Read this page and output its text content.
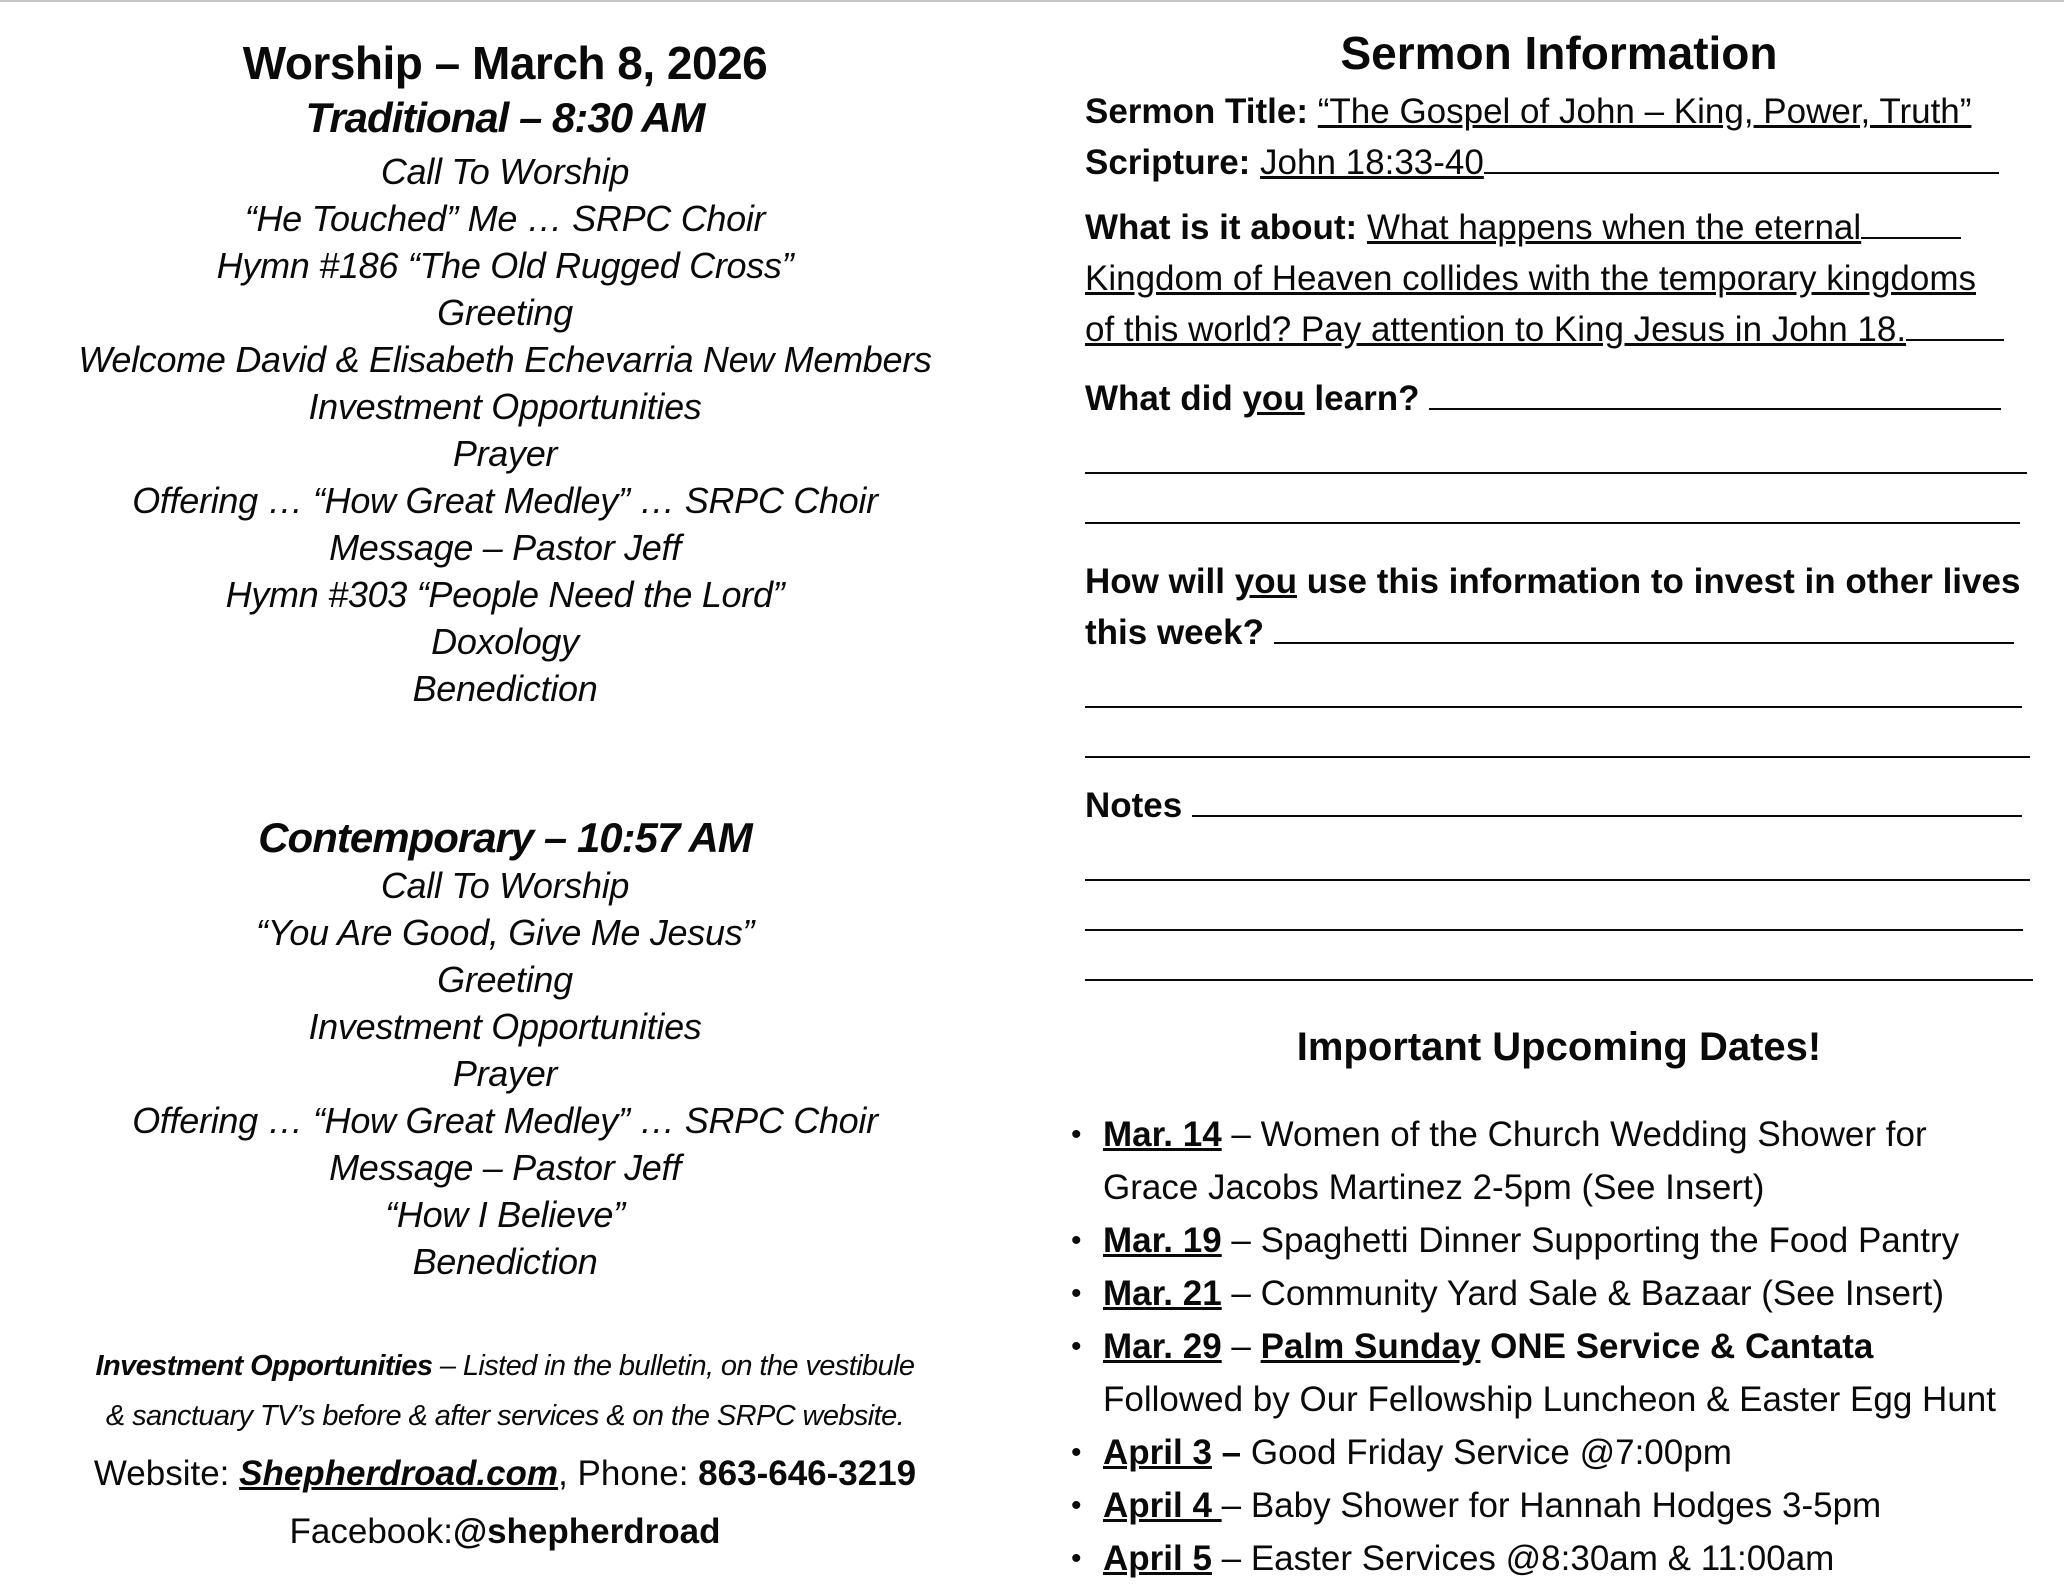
Worship – March 8, 2026
Traditional – 8:30 AM
Call To Worship
“He Touched” Me … SRPC Choir
Hymn #186 “The Old Rugged Cross”
Greeting
Welcome David & Elisabeth Echevarria New Members
Investment Opportunities
Prayer
Offering … “How Great Medley” … SRPC Choir
Message – Pastor Jeff
Hymn #303 “People Need the Lord”
Doxology
Benediction
Contemporary – 10:57 AM
Call To Worship
“You Are Good, Give Me Jesus”
Greeting
Investment Opportunities
Prayer
Offering … “How Great Medley” … SRPC Choir
Message – Pastor Jeff
“How I Believe”
Benediction
Investment Opportunities – Listed in the bulletin, on the vestibule
& sanctuary TV’s before & after services & on the SRPC website.
Website: Shepherdroad.com, Phone: 863-646-3219
Facebook:@shepherdroad
Sermon Information
Sermon Title: “The Gospel of John – King, Power, Truth”
Scripture: John 18:33-40
What is it about: What happens when the eternal
Kingdom of Heaven collides with the temporary kingdoms
of this world? Pay attention to King Jesus in John 18.
What did you learn?
How will you use this information to invest in other lives
this week?
Notes
Important Upcoming Dates!
• Mar. 14 – Women of the Church Wedding Shower for
Grace Jacobs Martinez 2-5pm (See Insert)
• Mar. 19 – Spaghetti Dinner Supporting the Food Pantry
• Mar. 21 – Community Yard Sale & Bazaar (See Insert)
• Mar. 29 – Palm Sunday ONE Service & Cantata
Followed by Our Fellowship Luncheon & Easter Egg Hunt
• April 3 – Good Friday Service @7:00pm
• April 4 – Baby Shower for Hannah Hodges 3-5pm
• April 5 – Easter Services @8:30am & 11:00am
